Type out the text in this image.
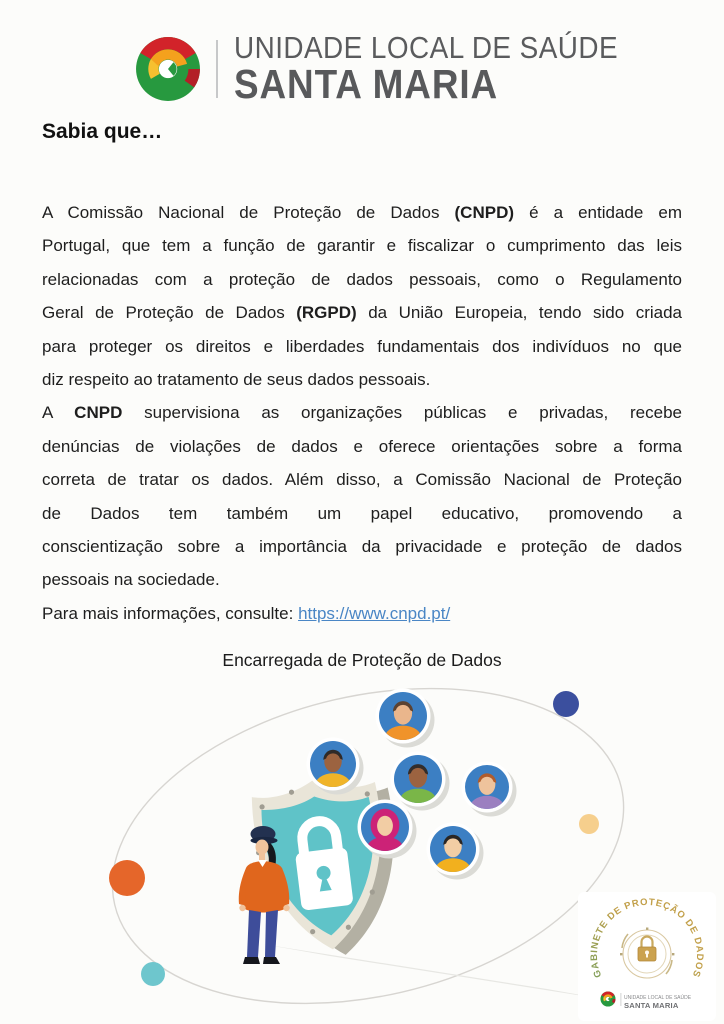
UNIDADE LOCAL DE SAÚDE
SANTA MARIA
Sabia que…
A Comissão Nacional de Proteção de Dados (CNPD) é a entidade em
Portugal, que tem a função de garantir e fiscalizar o cumprimento das leis
relacionadas com a proteção de dados pessoais, como o Regulamento
Geral de Proteção de Dados (RGPD) da União Europeia, tendo sido criada
para proteger os direitos e liberdades fundamentais dos indivíduos no que
diz respeito ao tratamento de seus dados pessoais.
A CNPD supervisiona as organizações públicas e privadas, recebe
denúncias de violações de dados e oferece orientações sobre a forma
correta de tratar os dados. Além disso, a Comissão Nacional de Proteção
de Dados tem também um papel educativo, promovendo a
conscientização sobre a importância da privacidade e proteção de dados
pessoais na sociedade.
Para mais informações, consulte: https://www.cnpd.pt/
Encarregada de Proteção de Dados
GABINETE DE PROTEÇÃO DE DADOS
UNIDADE LOCAL DE SAÚDE
SANTA MARIA
